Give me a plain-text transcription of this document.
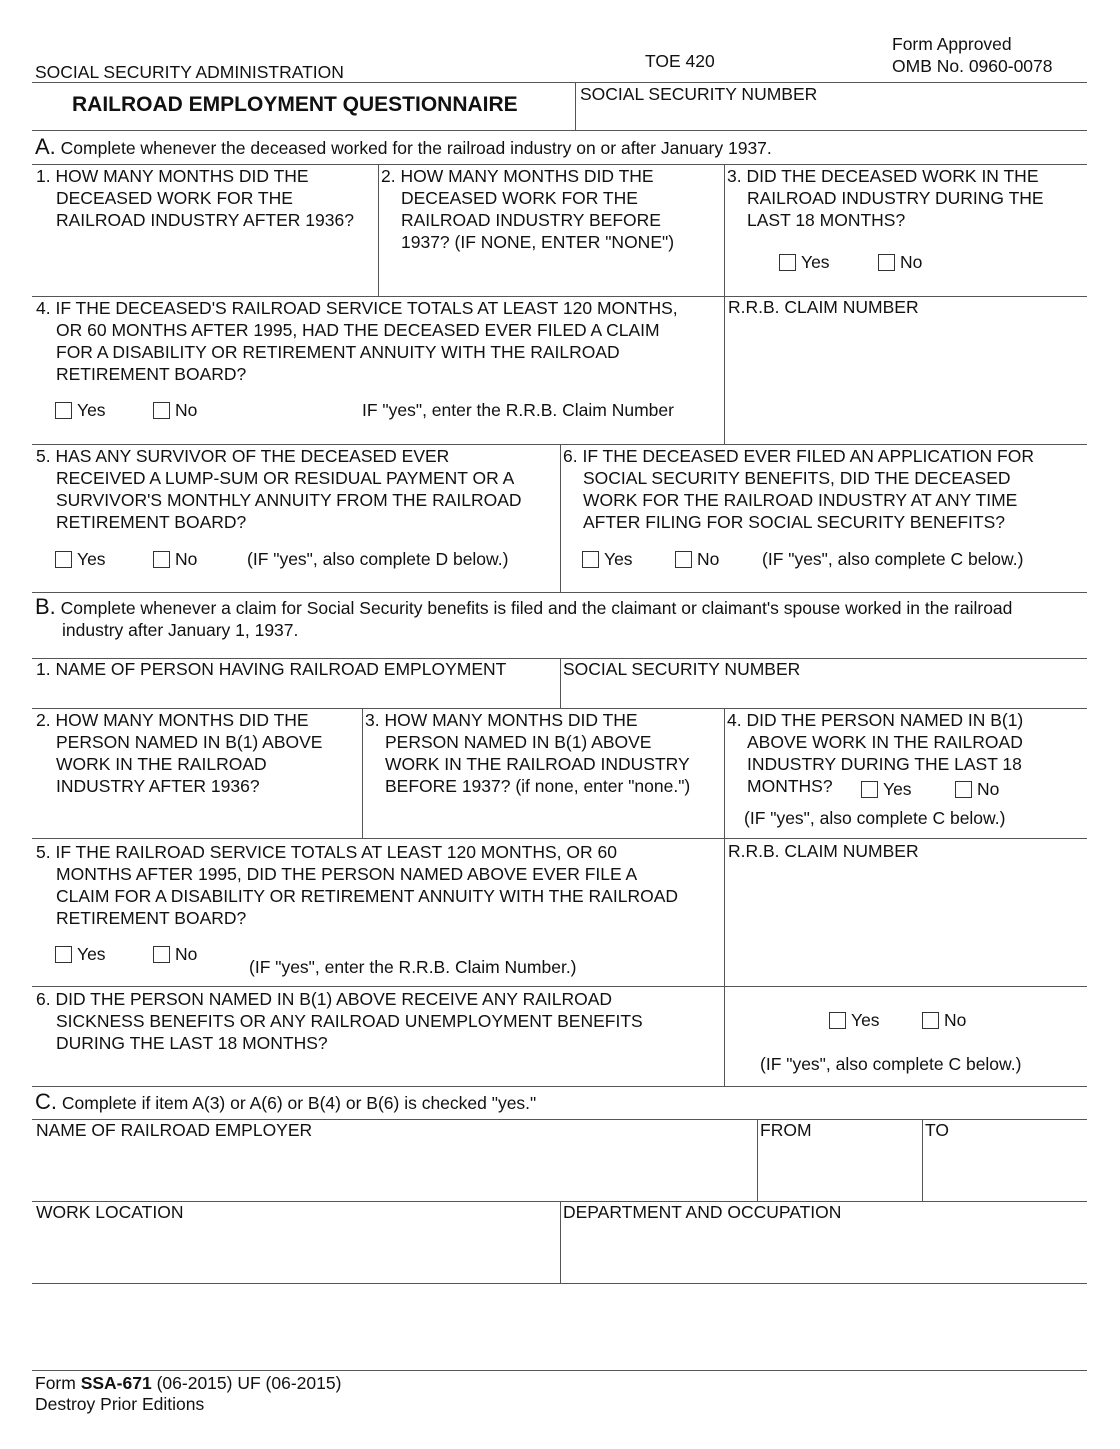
SOCIAL SECURITY ADMINISTRATION
TOE 420
Form Approved
OMB No. 0960-0078
RAILROAD EMPLOYMENT QUESTIONNAIRE	SOCIAL SECURITY NUMBER
A. Complete whenever the deceased worked for the railroad industry on or after January 1937.
1. HOW MANY MONTHS DID THE
DECEASED WORK FOR THE
RAILROAD INDUSTRY AFTER 1936?
2. HOW MANY MONTHS DID THE
DECEASED WORK FOR THE
RAILROAD INDUSTRY BEFORE
1937? (IF NONE, ENTER "NONE")
3. DID THE DECEASED WORK IN THE
RAILROAD INDUSTRY DURING THE
LAST 18 MONTHS?
Yes	No
4. IF THE DECEASED'S RAILROAD SERVICE TOTALS AT LEAST 120 MONTHS,
OR 60 MONTHS AFTER 1995, HAD THE DECEASED EVER FILED A CLAIM
FOR A DISABILITY OR RETIREMENT ANNUITY WITH THE RAILROAD
RETIREMENT BOARD?
Yes	No	IF "yes", enter the R.R.B. Claim Number
R.R.B. CLAIM NUMBER
5. HAS ANY SURVIVOR OF THE DECEASED EVER
RECEIVED A LUMP-SUM OR RESIDUAL PAYMENT OR A
SURVIVOR'S MONTHLY ANNUITY FROM THE RAILROAD
RETIREMENT BOARD?
Yes	No	(IF "yes", also complete D below.)
6. IF THE DECEASED EVER FILED AN APPLICATION FOR
SOCIAL SECURITY BENEFITS, DID THE DECEASED
WORK FOR THE RAILROAD INDUSTRY AT ANY TIME
AFTER FILING FOR SOCIAL SECURITY BENEFITS?
Yes	No (IF "yes", also complete C below.)
B. Complete whenever a claim for Social Security benefits is filed and the claimant or claimant's spouse worked in the railroad
industry after January 1, 1937.
1. NAME OF PERSON HAVING RAILROAD EMPLOYMENT	SOCIAL SECURITY NUMBER
2. HOW MANY MONTHS DID THE
PERSON NAMED IN B(1) ABOVE
WORK IN THE RAILROAD
INDUSTRY AFTER 1936?
3. HOW MANY MONTHS DID THE
PERSON NAMED IN B(1) ABOVE
WORK IN THE RAILROAD INDUSTRY
BEFORE 1937? (if none, enter "none.")
4. DID THE PERSON NAMED IN B(1)
ABOVE WORK IN THE RAILROAD
INDUSTRY DURING THE LAST 18
MONTHS?	Yes	No
(IF "yes", also complete C below.)
5. IF THE RAILROAD SERVICE TOTALS AT LEAST 120 MONTHS, OR 60
MONTHS AFTER 1995, DID THE PERSON NAMED ABOVE EVER FILE A
CLAIM FOR A DISABILITY OR RETIREMENT ANNUITY WITH THE RAILROAD
RETIREMENT BOARD?
Yes	No
(IF "yes", enter the R.R.B. Claim Number.)
R.R.B. CLAIM NUMBER
6. DID THE PERSON NAMED IN B(1) ABOVE RECEIVE ANY RAILROAD
SICKNESS BENEFITS OR ANY RAILROAD UNEMPLOYMENT BENEFITS
DURING THE LAST 18 MONTHS?
Yes	No
(IF "yes", also complete C below.)
C. Complete if item A(3) or A(6) or B(4) or B(6) is checked "yes."
NAME OF RAILROAD EMPLOYER	FROM	TO
WORK LOCATION	DEPARTMENT AND OCCUPATION
Form SSA-671 (06-2015) UF (06-2015)
Destroy Prior Editions
